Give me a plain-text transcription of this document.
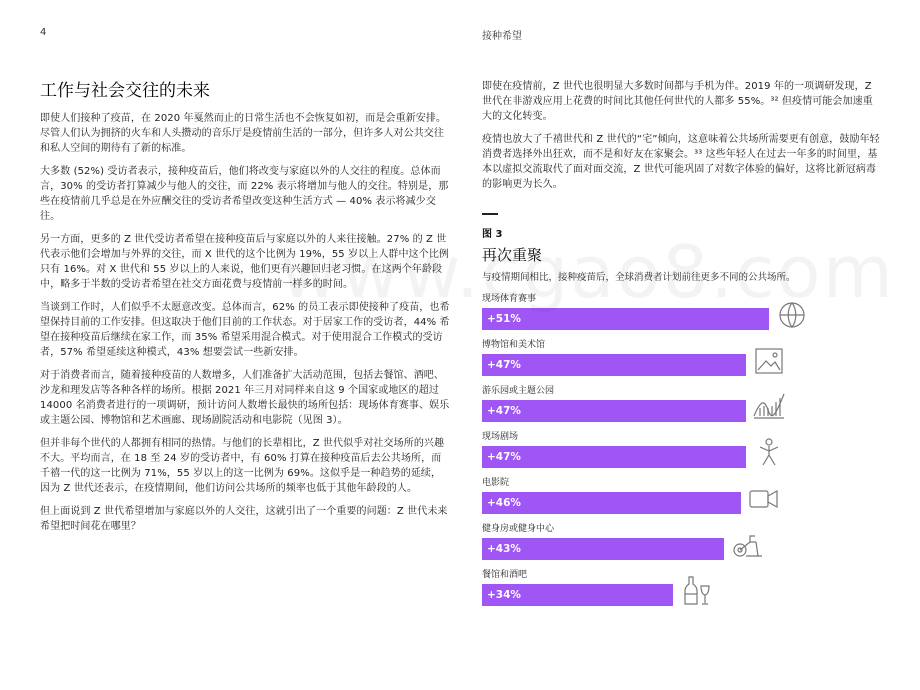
4	接种希望
工作与社会交往的未来

即使人们接种了疫苗，在 2020 年戛然而止的日常生活也不会恢复如初，而是会重新安排。尽管人们认为拥挤的火车和人头攒动的音乐厅是疫情前生活的一部分，但许多人对公共交往和私人空间的期待有了新的标准。

大多数 (52%) 受访者表示，接种疫苗后，他们将改变与家庭以外的人交往的程度。总体而言，30% 的受访者打算减少与他人的交往，而 22% 表示将增加与他人的交往。特别是，那些在疫情前几乎总是在外应酬交往的受访者希望改变这种生活方式 — 40% 表示将减少交往。

另一方面，更多的 Z 世代受访者希望在接种疫苗后与家庭以外的人来往接触。27% 的 Z 世代表示他们会增加与外界的交往，而 X 世代的这个比例为 19%，55 岁以上人群中这个比例只有 16%。对 X 世代和 55 岁以上的人来说，他们更有兴趣回归老习惯。在这两个年龄段中，略多于半数的受访者希望在社交方面花费与疫情前一样多的时间。

当谈到工作时，人们似乎不太愿意改变。总体而言，62% 的员工表示即使接种了疫苗，也希望保持目前的工作安排。但这取决于他们目前的工作状态。对于居家工作的受访者，44% 希望在接种疫苗后继续在家工作，而 35% 希望采用混合模式。对于使用混合工作模式的受访者，57% 希望延续这种模式，43% 想要尝试一些新安排。

对于消费者而言，随着接种疫苗的人数增多，人们准备扩大活动范围，包括去餐馆、酒吧、沙龙和理发店等各种各样的场所。根据 2021 年三月对同样来自这 9 个国家或地区的超过 14000 名消费者进行的一项调研，预计访问人数增长最快的场所包括：现场体育赛事、娱乐或主题公园、博物馆和艺术画廊、现场剧院活动和电影院（见图 3）。

但并非每个世代的人都拥有相同的热情。与他们的长辈相比，Z 世代似乎对社交场所的兴趣不大。平均而言，在 18 至 24 岁的受访者中，有 60% 打算在接种疫苗后去公共场所，而千禧一代的这一比例为 71%，55 岁以上的这一比例为 69%。这似乎是一种趋势的延续，因为 Z 世代还表示，在疫情期间，他们访问公共场所的频率也低于其他年龄段的人。

但上面说到 Z 世代希望增加与家庭以外的人交往，这就引出了一个重要的问题：Z 世代未来希望把时间花在哪里？

即使在疫情前，Z 世代也很明显大多数时间都与手机为伴。2019 年的一项调研发现，Z 世代在非游戏应用上花费的时间比其他任何世代的人都多 55%。³² 但疫情可能会加速重大的文化转变。

疫情也放大了千禧世代和 Z 世代的“宅”倾向，这意味着公共场所需要更有创意，鼓励年轻消费者选择外出狂欢，而不是和好友在家聚会。³³ 这些年轻人在过去一年多的时间里，基本以虚拟交流取代了面对面交流，Z 世代可能巩固了对数字体验的偏好，这将比新冠病毒的影响更为长久。

图 3
再次重聚
与疫情期间相比，接种疫苗后，全球消费者计划前往更多不同的公共场所。
现场体育赛事
+51%
博物馆和美术馆
+47%
游乐园或主题公园
+47%
现场剧场
+47%
电影院
+46%
健身房或健身中心
+43%
餐馆和酒吧
+34%
